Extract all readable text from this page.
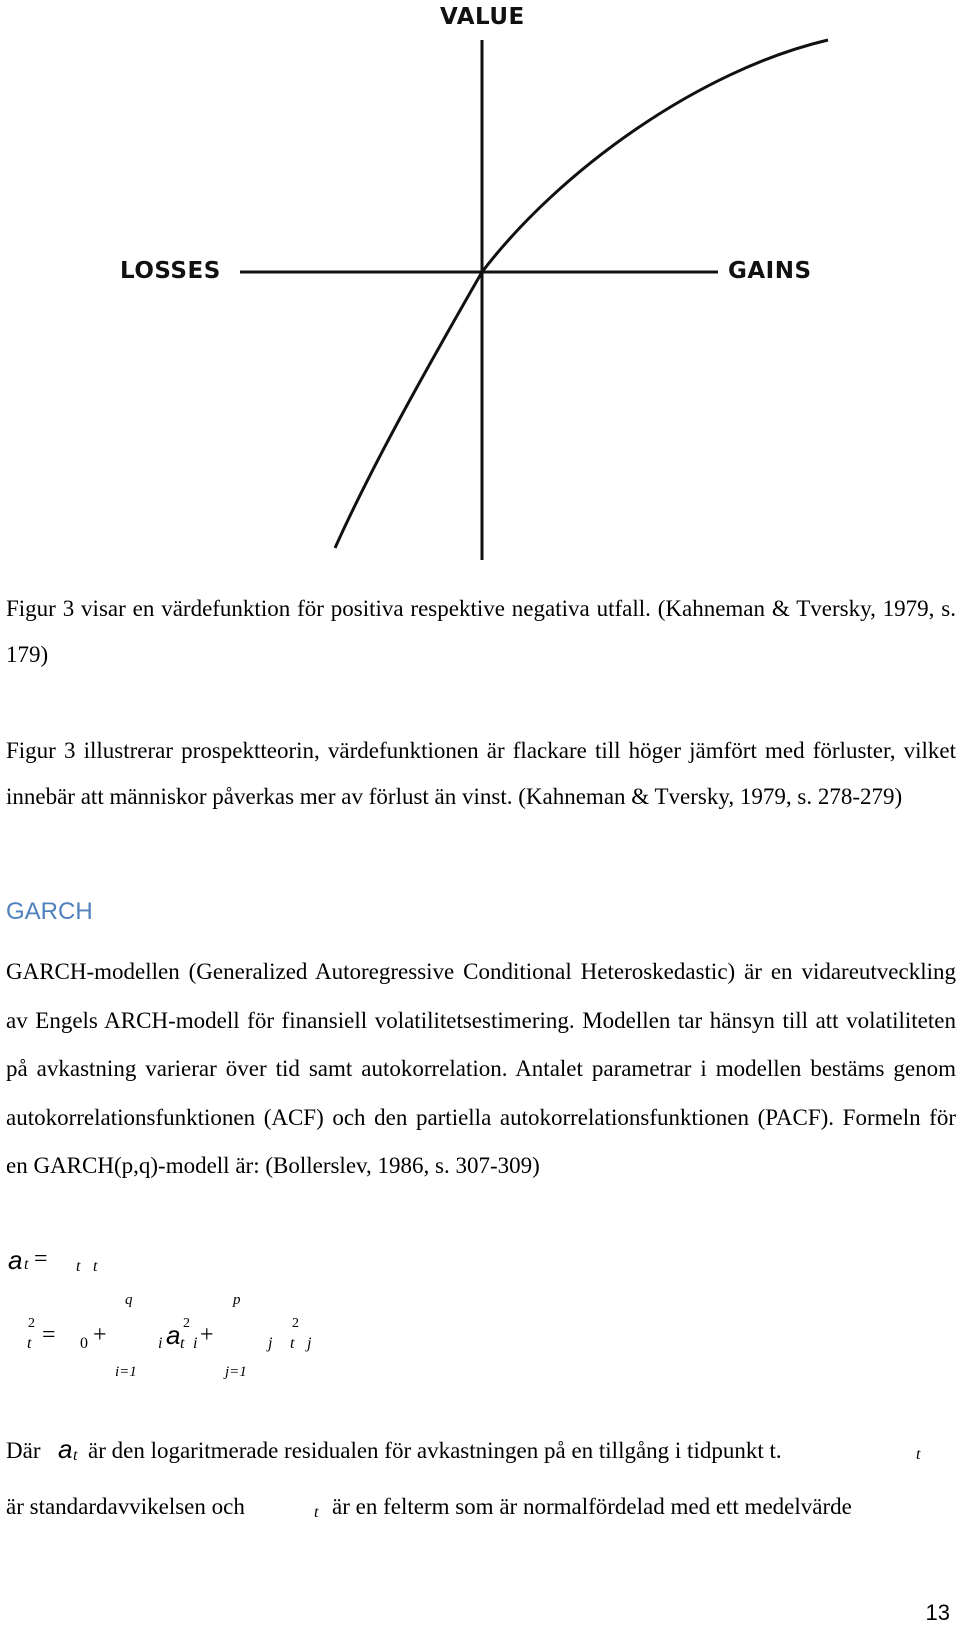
VALUE
LOSSES	GAINS

Figur 3 visar en värdefunktion för positiva respektive negativa utfall. (Kahneman & Tversky, 1979, s. 179)

Figur 3 illustrerar prospektteorin, värdefunktionen är flackare till höger jämfört med förluster, vilket innebär att människor påverkas mer av förlust än vinst. (Kahneman & Tversky, 1979, s. 278-279)

GARCH

GARCH-modellen (Generalized Autoregressive Conditional Heteroskedastic) är en vidareutveckling av Engels ARCH-modell för finansiell volatilitetsestimering. Modellen tar hänsyn till att volatiliteten på avkastning varierar över tid samt autokorrelation. Antalet parametrar i modellen bestäms genom autokorrelationsfunktionen (ACF) och den partiella autokorrelationsfunktionen (PACF). Formeln för en GARCH(p,q)-modell är: (Bollerslev, 1986, s. 307-309)

a t = t t
2
t = 0 +
q
i=1
i a 2
t i +
p
j=1
j
2
t j
Där a t är den logaritmerade residualen för avkastningen på en tillgång i tidpunkt t.	t
är standardavvikelsen och	t är en felterm som är normalfördelad med ett medelvärde
13
